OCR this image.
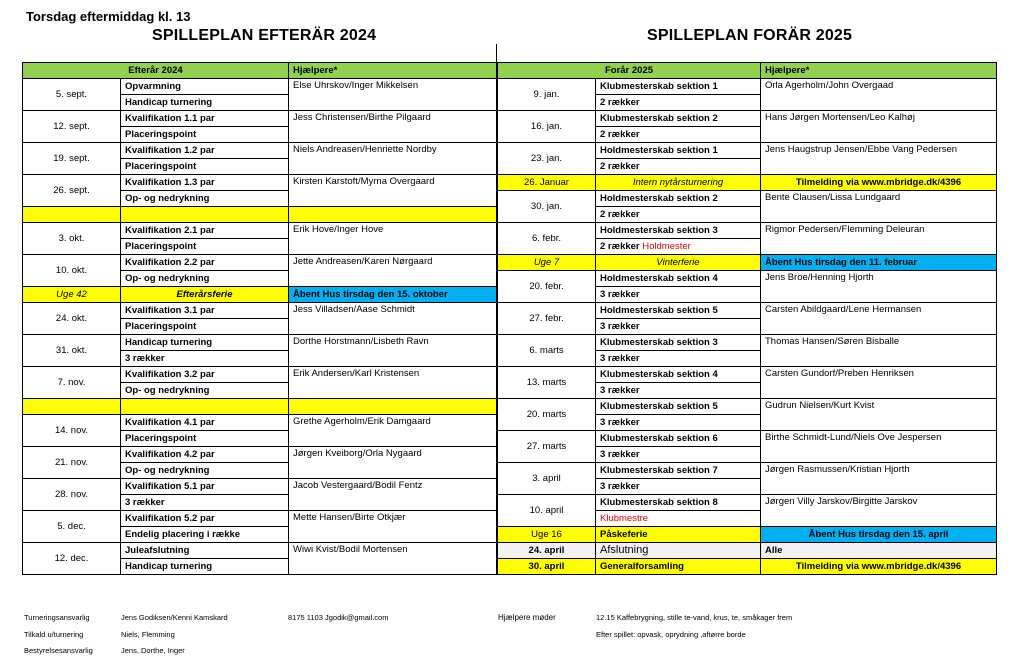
Torsdag eftermiddag kl. 13
SPILLEPLAN EFTERÄR 2024	SPILLEPLAN FORÄR 2025
Efterår 2024		Hjælpere*
5. sept.	Opvarmning	Else Uhrskov/Inger Mikkelsen
	Handicap turnering	
12. sept.	Kvalifikation 1.1 par	Jess Christensen/Birthe Pilgaard
	Placeringspoint	
19. sept.	Kvalifikation 1.2 par	Niels Andreasen/Henriette Nordby
	Placeringspoint	
26. sept.	Kvalifikation 1.3 par	Kirsten Karstoft/Myrna Overgaard
	Op- og nedrykning	

3. okt.	Kvalifikation 2.1 par	Erik Hove/Inger Hove
	Placeringspoint	
10. okt.	Kvalifikation 2.2 par	Jette Andreasen/Karen Nørgaard
	Op- og nedrykning	
Uge 42	Efterårsferie	Åbent Hus tirsdag den 15. oktober
24. okt.	Kvalifikation 3.1 par	Jess Villadsen/Aase Schmidt
	Placeringspoint	
31. okt.	Handicap turnering	Dorthe Horstmann/Lisbeth Ravn
	3 rækker	
7. nov.	Kvalifikation 3.2 par	Erik Andersen/Karl Kristensen
	Op- og nedrykning	

14. nov.	Kvalifikation 4.1 par	Grethe Agerholm/Erik Damgaard
	Placeringspoint	
21. nov.	Kvalifikation 4.2 par	Jørgen Kveiborg/Orla Nygaard
	Op- og nedrykning	
28. nov.	Kvalifikation 5.1 par	Jacob Vestergaard/Bodil Fentz
	3 rækker	
5. dec.	Kvalifikation 5.2 par	Mette Hansen/Birte Otkjær
	Endelig placering i række	
12. dec.	Juleafslutning	Wiwi Kvist/Bodil Mortensen
	Handicap turnering	
Forår 2025		Hjælpere*
9. jan.	Klubmesterskab sektion 1	Orla Agerholm/John Overgaad
	2 rækker	
16. jan.	Klubmesterskab sektion 2	Hans Jørgen Mortensen/Leo Kalhøj
	2 rækker	
23. jan.	Holdmesterskab sektion 1	Jens Haugstrup Jensen/Ebbe Vang Pedersen
	2 rækker	
26. Januar	Intern nytårsturnering	Tilmelding via www.mbridge.dk/4396
30. jan.	Holdmesterskab sektion 2	Bente Clausen/Lissa Lundgaard
	2 rækker	
6. febr.	Holdmesterskab sektion 3	Rigmor Pedersen/Flemming Deleuran
	2 rækker Holdmester	
Uge 7	Vinterferie	Åbent Hus tirsdag den 11. februar
20. febr.	Holdmesterskab sektion 4	Jens Broe/Henning Hjorth
	3 rækker	
27. febr.	Holdmesterskab sektion 5	Carsten Abildgaard/Lene Hermansen
	3 rækker	
6. marts	Klubmesterskab sektion 3	Thomas Hansen/Søren Bisballe
	3 rækker	
13. marts	Klubmesterskab sektion 4	Carsten Gundorf/Preben Henriksen
	3 rækker	
20. marts	Klubmesterskab sektion 5	Gudrun Nielsen/Kurt Kvist
	3 rækker	
27. marts	Klubmesterskab sektion 6	Birthe Schmidt-Lund/Niels Ove Jespersen
	3 rækker	
3. april	Klubmesterskab sektion 7	Jørgen Rasmussen/Kristian Hjorth
	3 rækker	
10. april	Klubmesterskab sektion 8	Jørgen Villy Jarskov/Birgitte Jarskov
	Klubmestre	
Uge 16	Påskeferie	Åbent Hus tirsdag den 15. april
24. april	Afslutning	Alle
30. april	Generalforsamling	Tilmelding via www.mbridge.dk/4396
Turneringsansvarlig	Jens Godiksen/Kenni Kamskard	8175 1103 Jgodik@gmail.com
Tilkald u/turnering	Niels, Flemming
Bestyrelsesansvarlig	Jens, Dorthe, Inger
Hjælpere møder	12.15 Kaffebrygning, stille te-vand, krus, te, småkager frem
Efter spillet: opvask, oprydning ,aftørre borde
